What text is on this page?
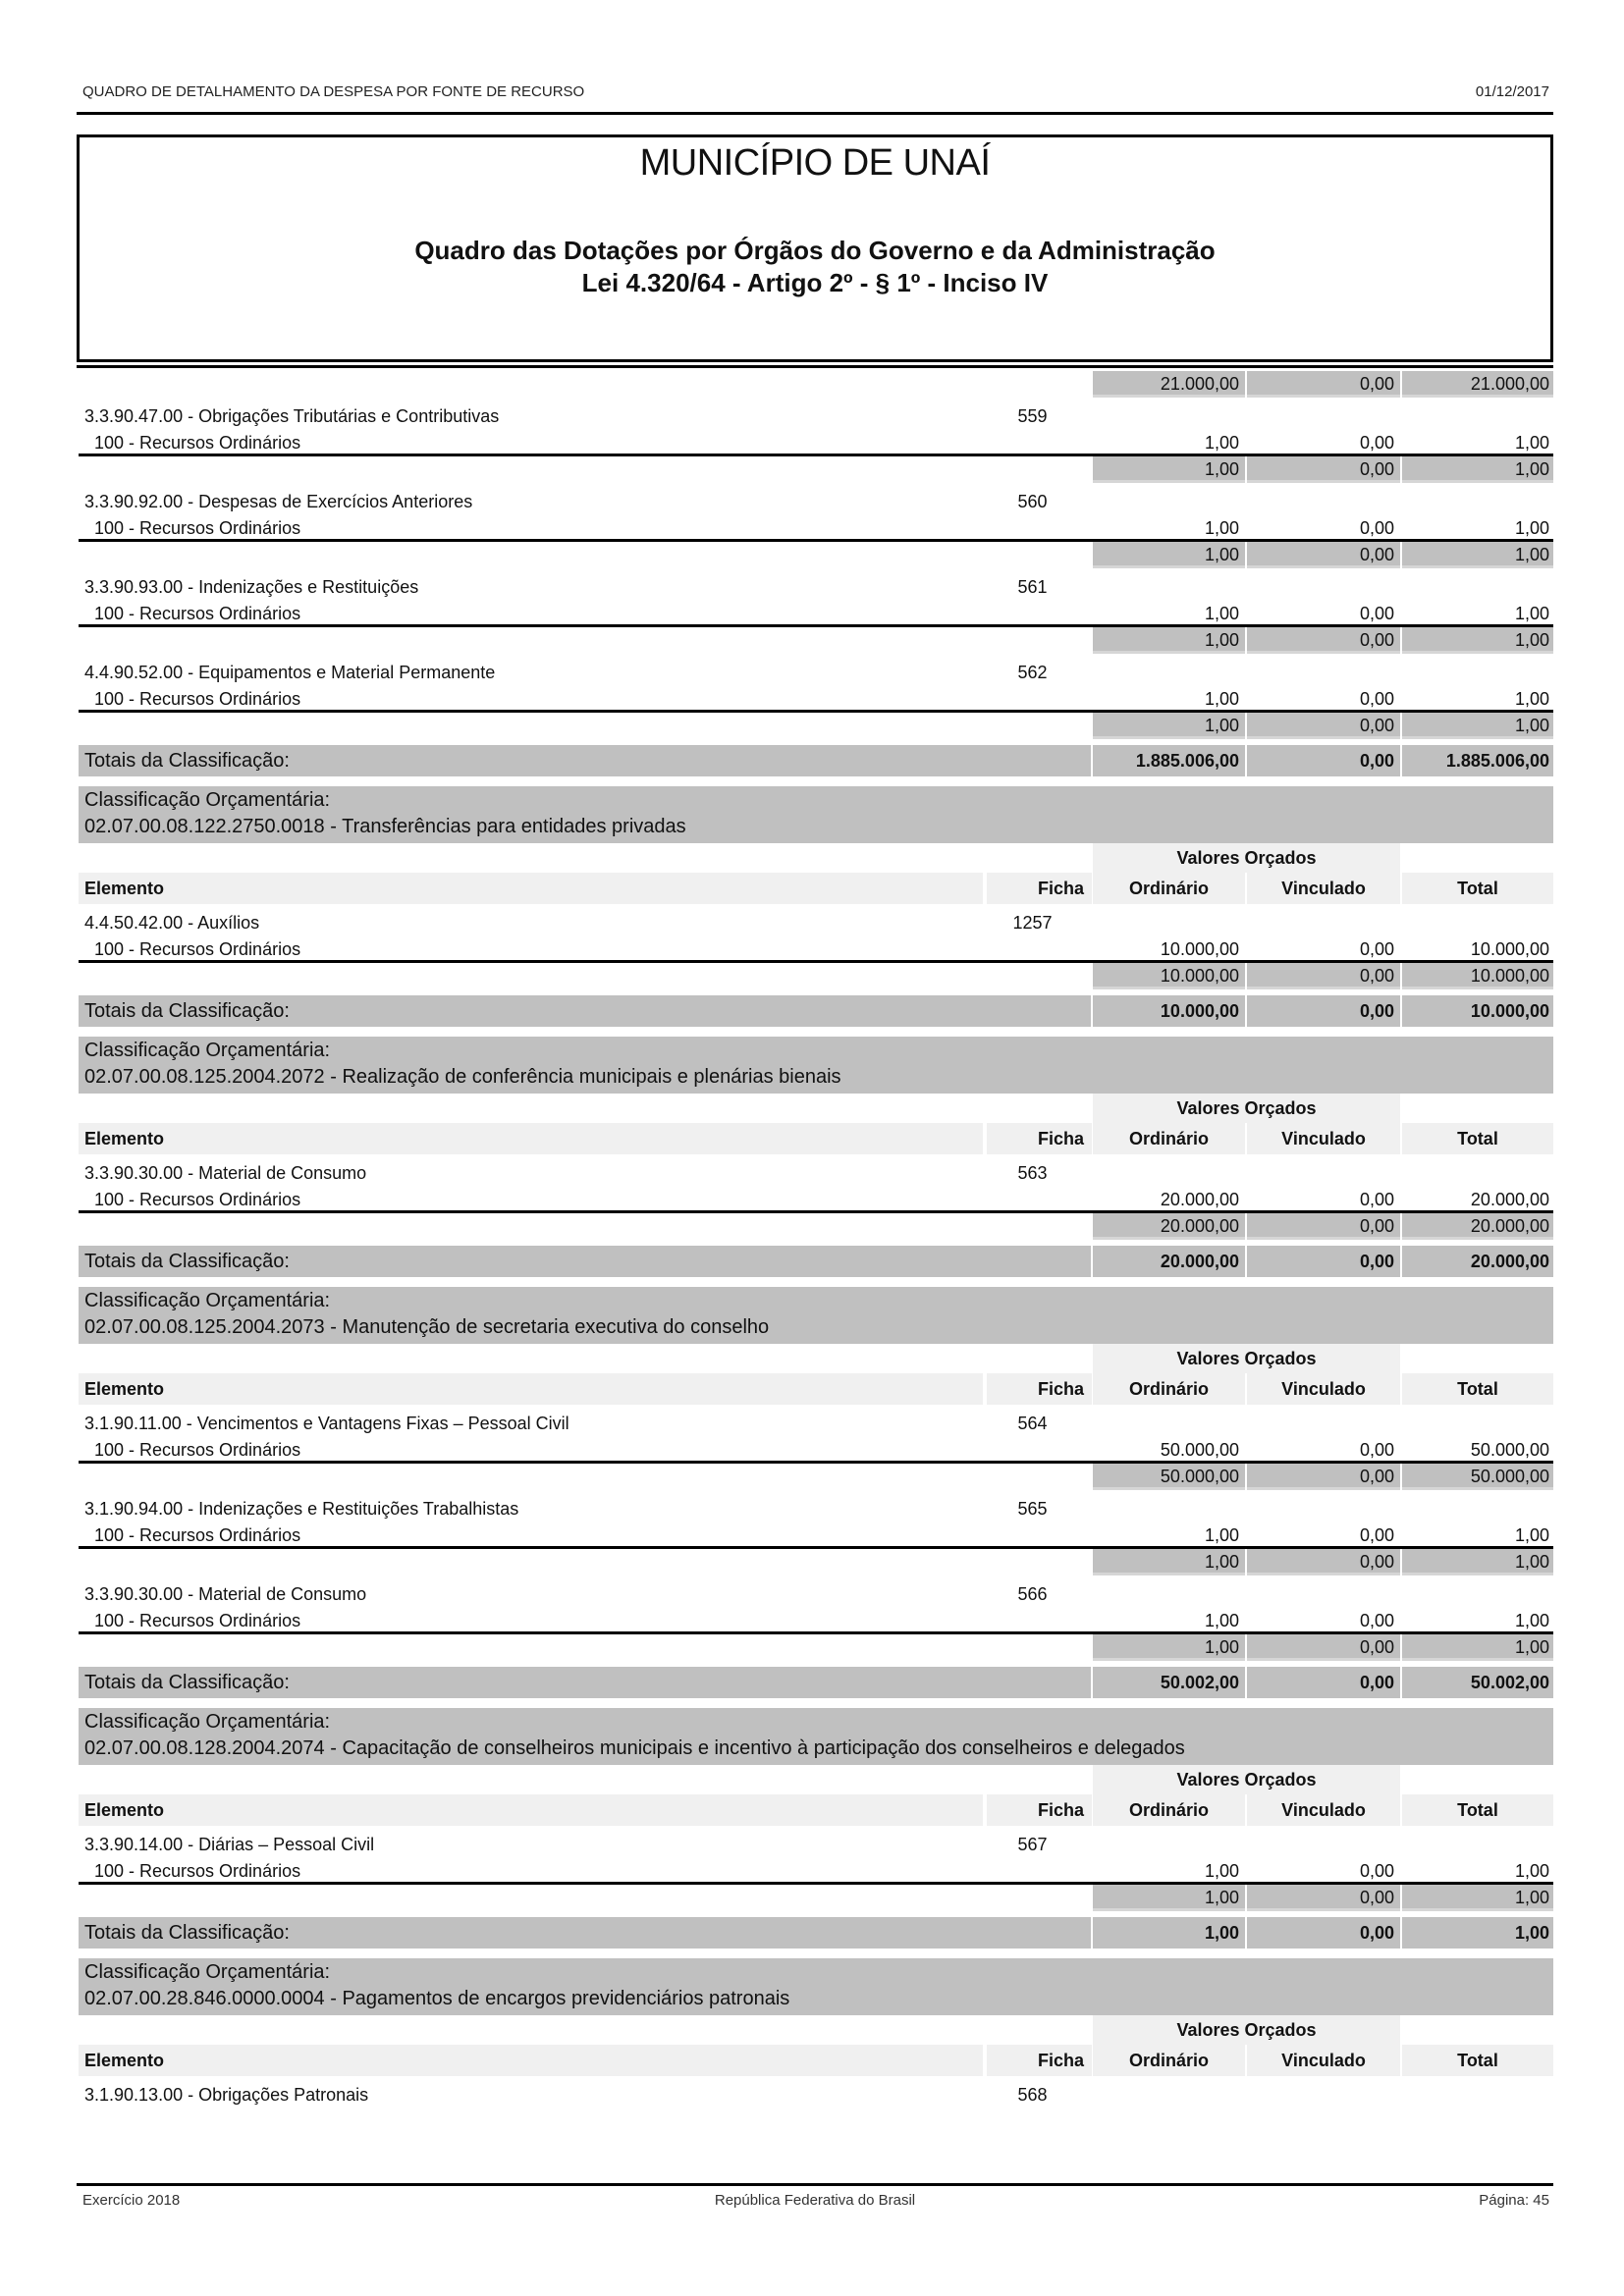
QUADRO DE DETALHAMENTO DA DESPESA POR FONTE DE RECURSO	01/12/2017
MUNICÍPIO DE UNAÍ
Quadro das Dotações por Órgãos do Governo e da Administração
Lei 4.320/64 - Artigo 2º - § 1º - Inciso IV
21.000,00	0,00	21.000,00
3.3.90.47.00 - Obrigações Tributárias e Contributivas	559
100 - Recursos Ordinários	1,00	0,00	1,00
1,00	0,00	1,00
3.3.90.92.00 - Despesas de Exercícios Anteriores	560
100 - Recursos Ordinários	1,00	0,00	1,00
1,00	0,00	1,00
3.3.90.93.00 - Indenizações e Restituições	561
100 - Recursos Ordinários	1,00	0,00	1,00
1,00	0,00	1,00
4.4.90.52.00 - Equipamentos e Material Permanente	562
100 - Recursos Ordinários	1,00	0,00	1,00
1,00	0,00	1,00
Totais da Classificação:	1.885.006,00	0,00	1.885.006,00
Classificação Orçamentária:
02.07.00.08.122.2750.0018 - Transferências para entidades privadas
Valores Orçados
Elemento	Ficha	Ordinário	Vinculado	Total
4.4.50.42.00 - Auxílios	1257
100 - Recursos Ordinários	10.000,00	0,00	10.000,00
10.000,00	0,00	10.000,00
Totais da Classificação:	10.000,00	0,00	10.000,00
Classificação Orçamentária:
02.07.00.08.125.2004.2072 - Realização de conferência municipais e plenárias bienais
Valores Orçados
Elemento	Ficha	Ordinário	Vinculado	Total
3.3.90.30.00 - Material de Consumo	563
100 - Recursos Ordinários	20.000,00	0,00	20.000,00
20.000,00	0,00	20.000,00
Totais da Classificação:	20.000,00	0,00	20.000,00
Classificação Orçamentária:
02.07.00.08.125.2004.2073 - Manutenção de secretaria executiva do conselho
Valores Orçados
Elemento	Ficha	Ordinário	Vinculado	Total
3.1.90.11.00 - Vencimentos e Vantagens Fixas – Pessoal Civil	564
100 - Recursos Ordinários	50.000,00	0,00	50.000,00
50.000,00	0,00	50.000,00
3.1.90.94.00 - Indenizações e Restituições Trabalhistas	565
100 - Recursos Ordinários	1,00	0,00	1,00
1,00	0,00	1,00
3.3.90.30.00 - Material de Consumo	566
100 - Recursos Ordinários	1,00	0,00	1,00
1,00	0,00	1,00
Totais da Classificação:	50.002,00	0,00	50.002,00
Classificação Orçamentária:
02.07.00.08.128.2004.2074 - Capacitação de conselheiros municipais e incentivo à participação dos conselheiros e delegados
Valores Orçados
Elemento	Ficha	Ordinário	Vinculado	Total
3.3.90.14.00 - Diárias – Pessoal Civil	567
100 - Recursos Ordinários	1,00	0,00	1,00
1,00	0,00	1,00
Totais da Classificação:	1,00	0,00	1,00
Classificação Orçamentária:
02.07.00.28.846.0000.0004 - Pagamentos de encargos previdenciários patronais
Valores Orçados
Elemento	Ficha	Ordinário	Vinculado	Total
3.1.90.13.00 - Obrigações Patronais	568
Exercício 2018	República Federativa do Brasil	Página: 45
